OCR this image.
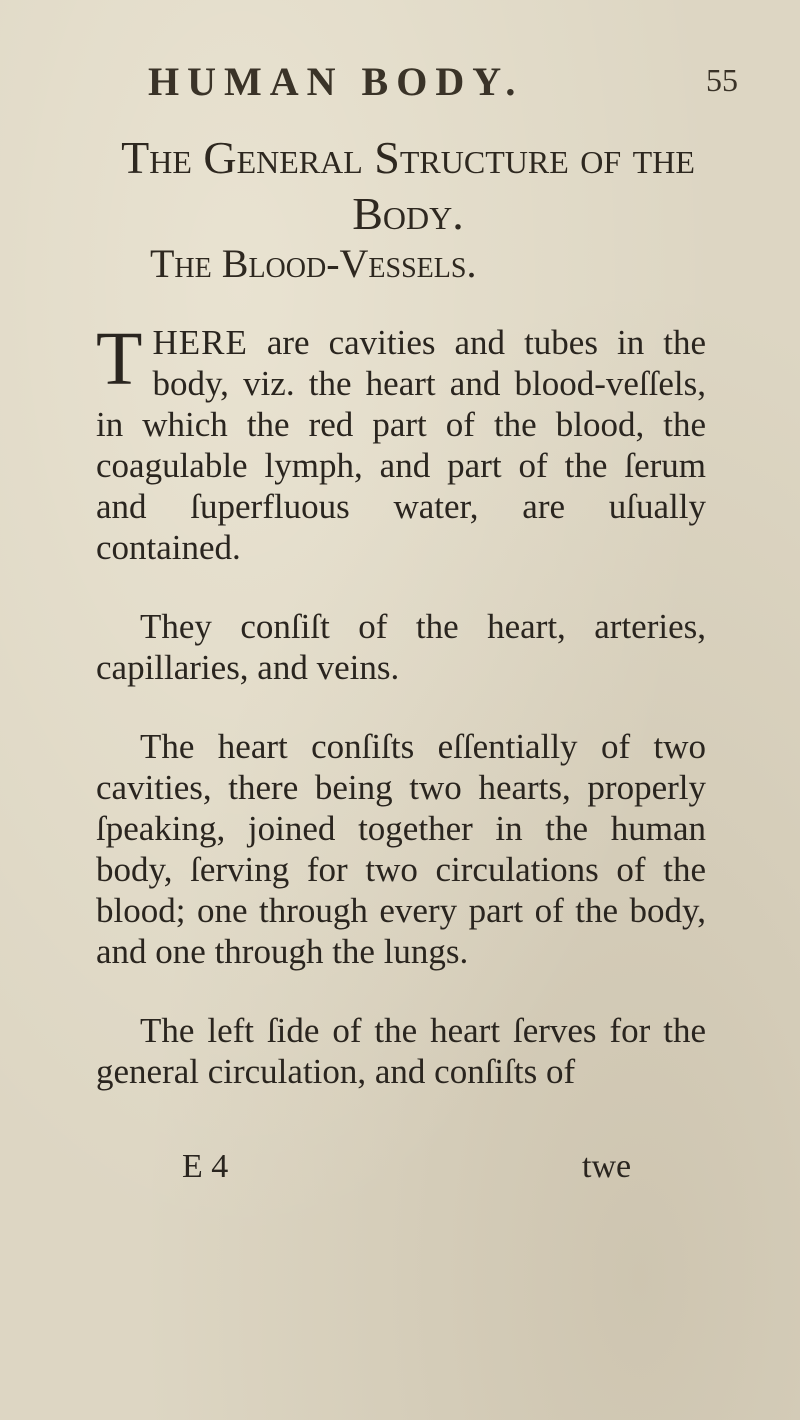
HUMAN BODY.	55
The General Structure of the Body.
The Blood-Vessels.

THERE are cavities and tubes in the body, viz. the heart and blood-veſſels, in which the red part of the blood, the coagulable lymph, and part of the ſerum and ſuperfluous water, are uſually contained.

They conſiſt of the heart, arteries, capillaries, and veins.

The heart conſiſts eſſentially of two cavities, there being two hearts, properly ſpeaking, joined together in the human body, ſerving for two circulations of the blood; one through every part of the body, and one through the lungs.

The left ſide of the heart ſerves for the general circulation, and conſiſts of

E 4	twe
